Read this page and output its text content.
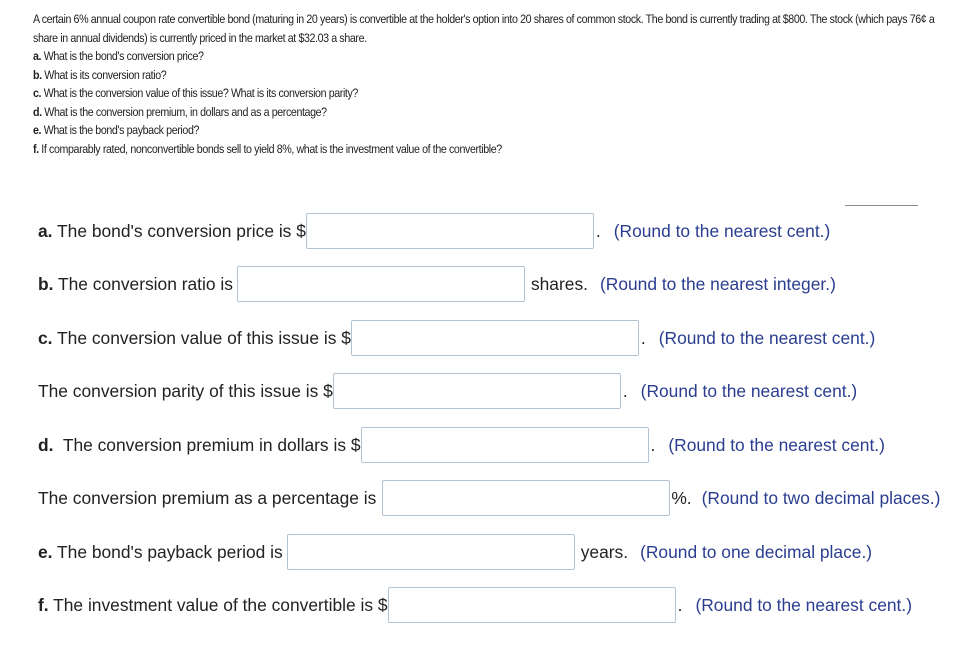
A certain 6% annual coupon rate convertible bond (maturing in 20 years) is convertible at the holder's option into 20 shares of common stock. The bond is currently trading at $800. The stock (which pays 76¢ a
share in annual dividends) is currently priced in the market at $32.03 a share.
a. What is the bond's conversion price?
b. What is its conversion ratio?
c. What is the conversion value of this issue? What is its conversion parity?
d. What is the conversion premium, in dollars and as a percentage?
e. What is the bond's payback period?
f. If comparably rated, nonconvertible bonds sell to yield 8%, what is the investment value of the convertible?
a. The bond's conversion price is $	. (Round to the nearest cent.)
b. The conversion ratio is	shares. (Round to the nearest integer.)
c. The conversion value of this issue is $	. (Round to the nearest cent.)
The conversion parity of this issue is $	. (Round to the nearest cent.)
d.  The conversion premium in dollars is $	. (Round to the nearest cent.)
The conversion premium as a percentage is	%. (Round to two decimal places.)
e. The bond's payback period is	years. (Round to one decimal place.)
f. The investment value of the convertible is $	. (Round to the nearest cent.)
